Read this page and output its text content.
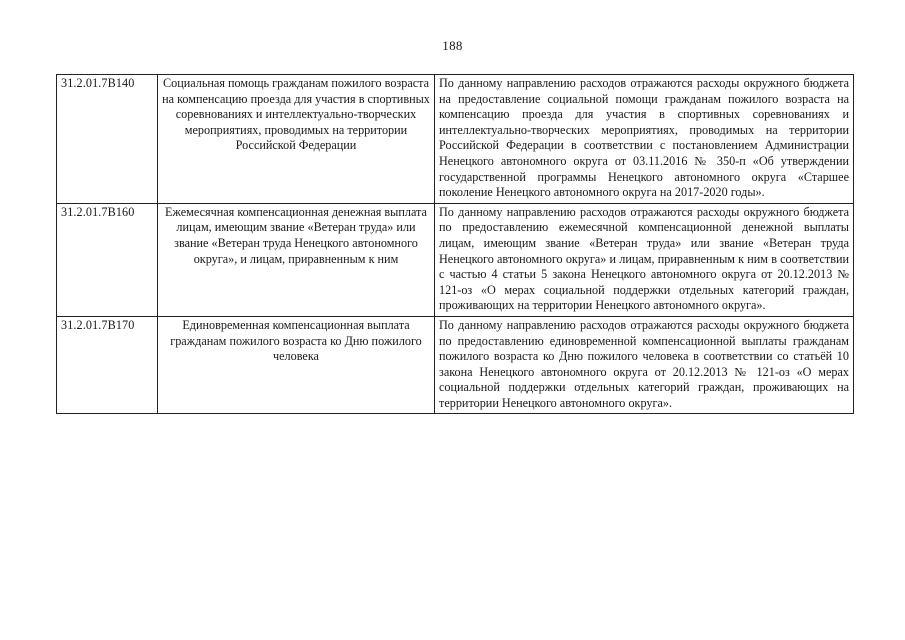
188
31.2.01.7В140	Социальная помощь гражданам пожилого возраста на компенсацию проезда для участия в спортивных соревнованиях и интеллектуально-творческих мероприятиях, проводимых на территории Российской Федерации	По данному направлению расходов отражаются расходы окружного бюджета на предоставление социальной помощи гражданам пожилого возраста на компенсацию проезда для участия в спортивных соревнованиях и интеллектуально-творческих мероприятиях, проводимых на территории Российской Федерации в соответствии с постановлением Администрации Ненецкого автономного округа от 03.11.2016 № 350-п «Об утверждении государственной программы Ненецкого автономного округа «Старшее поколение Ненецкого автономного округа на 2017-2020 годы».
31.2.01.7В160	Ежемесячная компенсационная денежная выплата лицам, имеющим звание «Ветеран труда» или звание «Ветеран труда Ненецкого автономного округа», и лицам, приравненным к ним	По данному направлению расходов отражаются расходы окружного бюджета по предоставлению ежемесячной компенсационной денежной выплаты лицам, имеющим звание «Ветеран труда» или звание «Ветеран труда Ненецкого автономного округа» и лицам, приравненным к ним в соответствии с частью 4 статьи 5 закона Ненецкого автономного округа от 20.12.2013 № 121-оз «О мерах социальной поддержки отдельных категорий граждан, проживающих на территории Ненецкого автономного округа».
31.2.01.7В170	Единовременная компенсационная выплата гражданам пожилого возраста ко Дню пожилого человека	По данному направлению расходов отражаются расходы окружного бюджета по предоставлению единовременной компенсационной выплаты гражданам пожилого возраста ко Дню пожилого человека в соответствии со статьёй 10 закона Ненецкого автономного округа от 20.12.2013 № 121-оз «О мерах социальной поддержки отдельных категорий граждан, проживающих на территории Ненецкого автономного округа».
